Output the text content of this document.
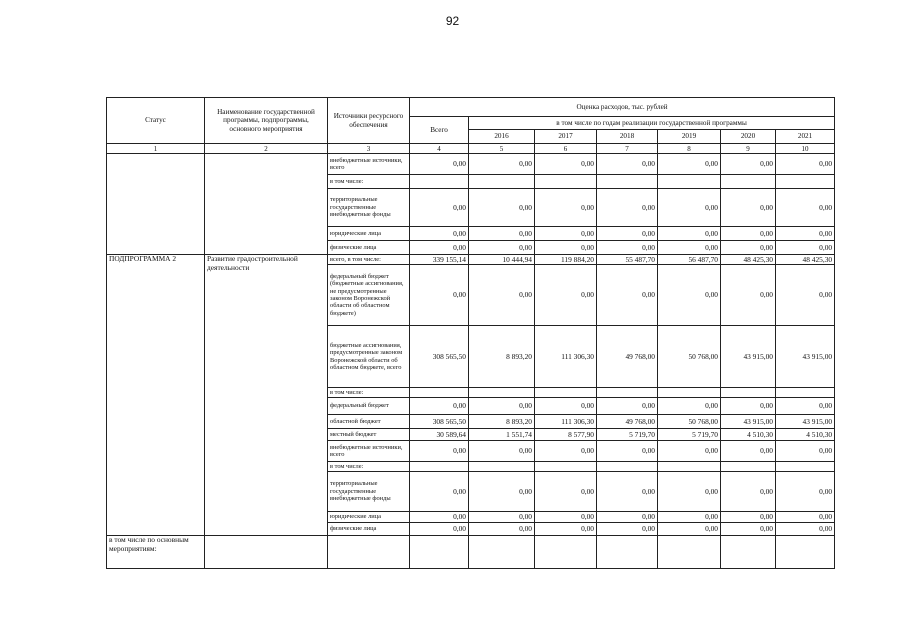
92
Статус	Наименование государственной программы, подпрограммы, основного мероприятия	Источники ресурсного обеспечения	Оценка расходов, тыс. рублей						
			Всего	в том числе по годам реализации государственной программы					
				2016	2017	2018	2019	2020	2021
1	2	3	4	5	6	7	8	9	10
		внебюджетные источники, всего	0,00	0,00	0,00	0,00	0,00	0,00	0,00
		в том числе:							
		территориальные государственные внебюджетные фонды	0,00	0,00	0,00	0,00	0,00	0,00	0,00
		юридические лица	0,00	0,00	0,00	0,00	0,00	0,00	0,00
		физические лица	0,00	0,00	0,00	0,00	0,00	0,00	0,00
ПОДПРОГРАММА 2	Развитие градостроительной деятельности	всего, в том числе:	339 155,14	10 444,94	119 884,20	55 487,70	56 487,70	48 425,30	48 425,30
		федеральный бюджет (бюджетные ассигнования, не предусмотренные законом Воронежской области об областном бюджете)	0,00	0,00	0,00	0,00	0,00	0,00	0,00
		бюджетные ассигнования, предусмотренные законом Воронежской области об областном бюджете, всего	308 565,50	8 893,20	111 306,30	49 768,00	50 768,00	43 915,00	43 915,00
		в том числе:							
		федеральный бюджет	0,00	0,00	0,00	0,00	0,00	0,00	0,00
		областной бюджет	308 565,50	8 893,20	111 306,30	49 768,00	50 768,00	43 915,00	43 915,00
		местный бюджет	30 589,64	1 551,74	8 577,90	5 719,70	5 719,70	4 510,30	4 510,30
		внебюджетные источники, всего	0,00	0,00	0,00	0,00	0,00	0,00	0,00
		в том числе:							
		территориальные государственные внебюджетные фонды	0,00	0,00	0,00	0,00	0,00	0,00	0,00
		юридические лица	0,00	0,00	0,00	0,00	0,00	0,00	0,00
		физические лица	0,00	0,00	0,00	0,00	0,00	0,00	0,00
в том числе по основным мероприятиям:									
